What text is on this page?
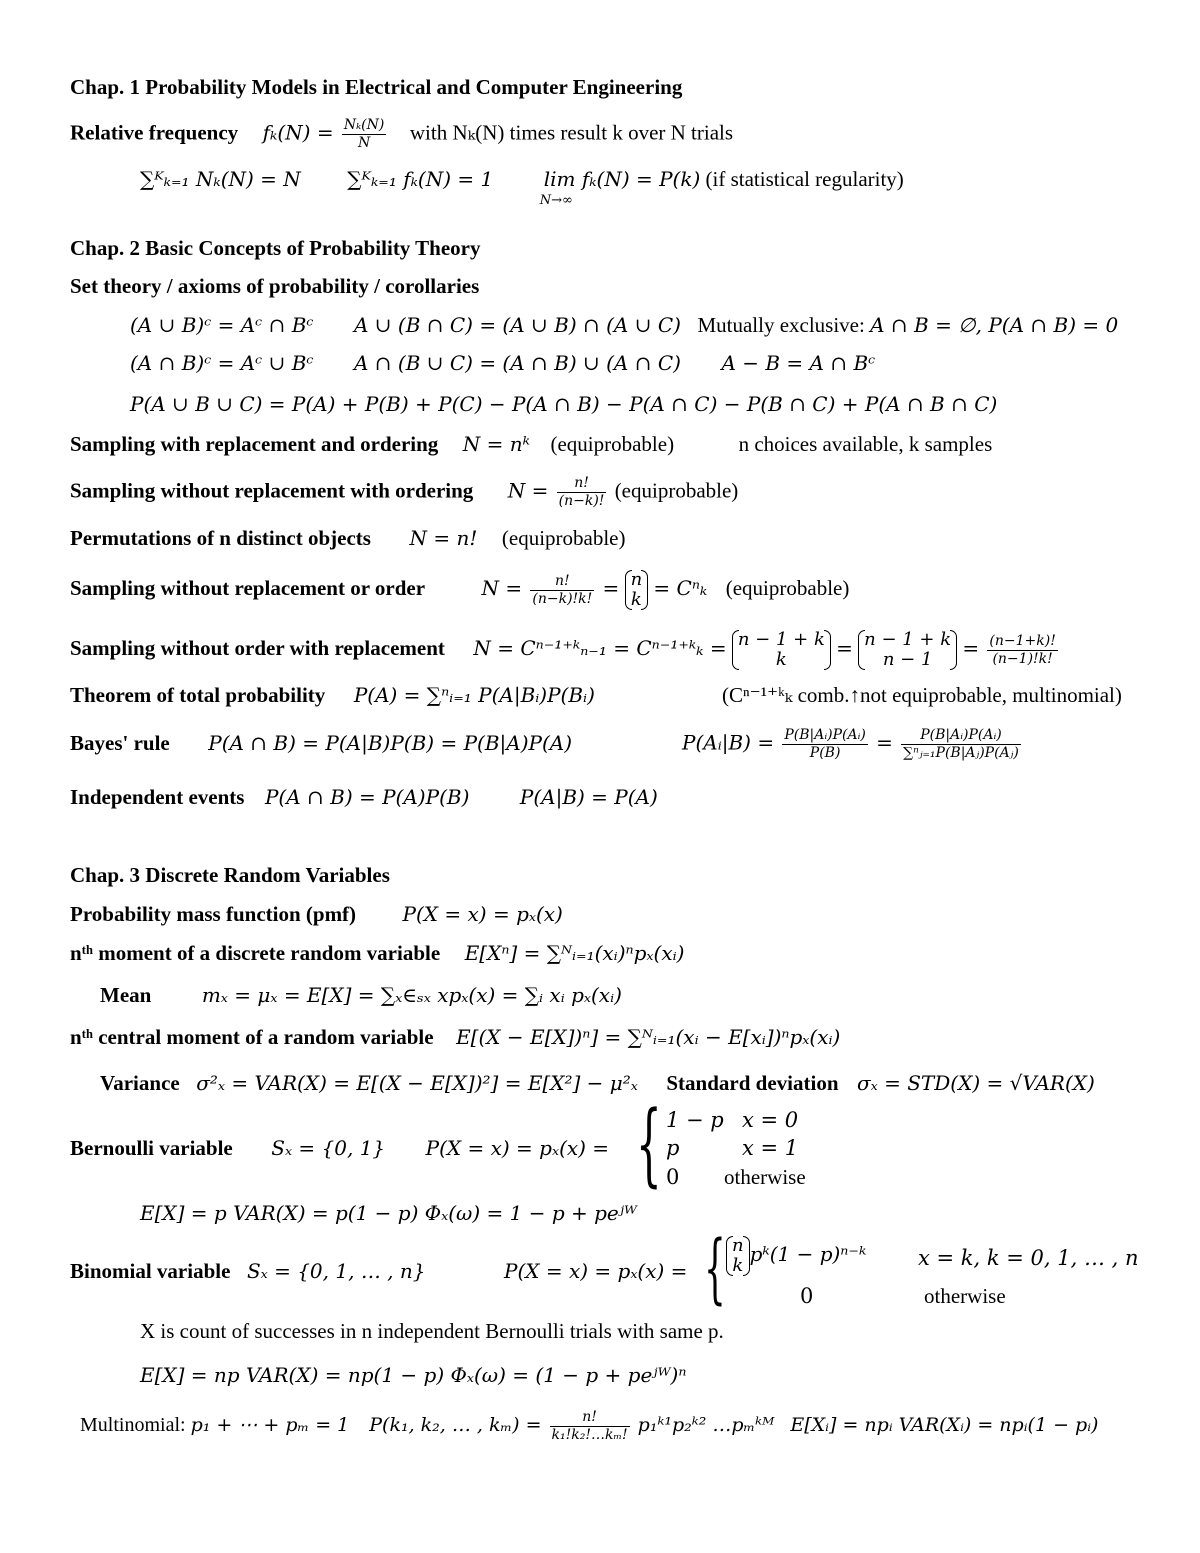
Chap. 1 Probability Models in Electrical and Computer Engineering
Relative frequency $f_k(N) = \frac{\text{Nₖ(N)}}{N}$ with Nₖ(N) times result k over N trials
∑ᴷₖ₌₁ Nₖ(N) = N ∑ᴷₖ₌₁ fₖ(N) = 1	lim fₖ(N) = P(k)
N→∞
(if statistical regularity)
Chap. 2 Basic Concepts of Probability Theory
Set theory / axioms of probability / corollaries
(A ∪ B)ᶜ = Aᶜ ∩ Bᶜ A ∪ (B ∩ C) = (A ∪ B) ∩ (A ∪ C) Mutually exclusive: A ∩ B = ∅, P(A ∩ B) = 0
(A ∩ B)ᶜ = Aᶜ ∪ Bᶜ A ∩ (B ∪ C) = (A ∩ B) ∪ (A ∩ C) A − B = A ∩ Bᶜ
P(A ∪ B ∪ C) = P(A) + P(B) + P(C) − P(A ∩ B) − P(A ∩ C) − P(B ∩ C) + P(A ∩ B ∩ C)
Sampling with replacement and ordering N = nᵏ (equiprobable)	n choices available, k samples
Sampling without replacement with ordering $N = \frac{n!}{(n-k)!}$ (equiprobable)
Permutations of n distinct objects N = n! (equiprobable)
Sampling without replacement or order	$N = \frac{n!}{(n-k)!k!} = n$
k = Cⁿₖ (equiprobable)
Sampling without order with replacement N = Cⁿ⁻¹⁺ᵏₙ₋₁ = Cⁿ⁻¹⁺ᵏₖ = n − 1 + k
k	= n − 1 + k
n − 1	= $\frac{(n-1+k)!}{(n-1)!k!}$
Theorem of total probability P(A) = ∑ⁿᵢ₌₁ P(A|Bᵢ)P(Bᵢ)	(Cⁿ⁻¹⁺ᵏₖ comb.↑not equiprobable, multinomial)
Bayes' rule P(A ∩ B) = P(A|B)P(B) = P(B|A)P(A)	P(Aᵢ|B) = $\frac{\text{P(B|Aᵢ)P(Aᵢ)}}{P(B)} = \frac{\text{P(B|Aᵢ)P(Aᵢ)}}{\text{∑ⁿⱼ₌₁P(B|Aⱼ)P(Aⱼ)}}$
Independent events P(A ∩ B) = P(A)P(B)	P(A|B) = P(A)
Chap. 3 Discrete Random Variables
Probability mass function (pmf) P(X = x) = pₓ(x)
nᵗʰ moment of a discrete random variable E[Xⁿ] = ∑ᴺᵢ₌₁(xᵢ)ⁿpₓ(xᵢ)
Mean	mₓ = μₓ = E[X] = ∑ₓ∈ₛₓ xpₓ(x) = ∑ᵢ xᵢ pₓ(xᵢ)
nᵗʰ central moment of a random variable E[(X − E[X])ⁿ] = ∑ᴺᵢ₌₁(xᵢ − E[xᵢ])ⁿpₓ(xᵢ)
Variance σ²ₓ = VAR(X) = E[(X − E[X])²] = E[X²] − μ²ₓ Standard deviation σₓ = STD(X) = √VAR(X)
Bernoulli variable Sₓ = {0, 1} P(X = x) = pₓ(x) = { 1 − p x = 0
p	x = 1
0 otherwise
E[X] = p VAR(X) = p(1 − p) Φₓ(ω) = 1 − p + peʲᵂ
Binomial variable Sₓ = {0, 1, … , n}	P(X = x) = pₓ(x) = { n
k pᵏ(1 − p)ⁿ⁻ᵏ x = k, k = 0, 1, … , n
0	otherwise
X is count of successes in n independent Bernoulli trials with same p.
E[X] = np VAR(X) = np(1 − p) Φₓ(ω) = (1 − p + peʲᵂ)ⁿ
Multinomial: p₁ + ⋯ + pₘ = 1 P(k₁, k₂, … , $k_m) = \frac{n!}{\text{k₁!k₂!…kₘ!}}$ p₁ᵏ¹p₂ᵏ² …pₘᵏᴹ E[Xᵢ] = npᵢ VAR(Xᵢ) = npᵢ(1 − pᵢ)
